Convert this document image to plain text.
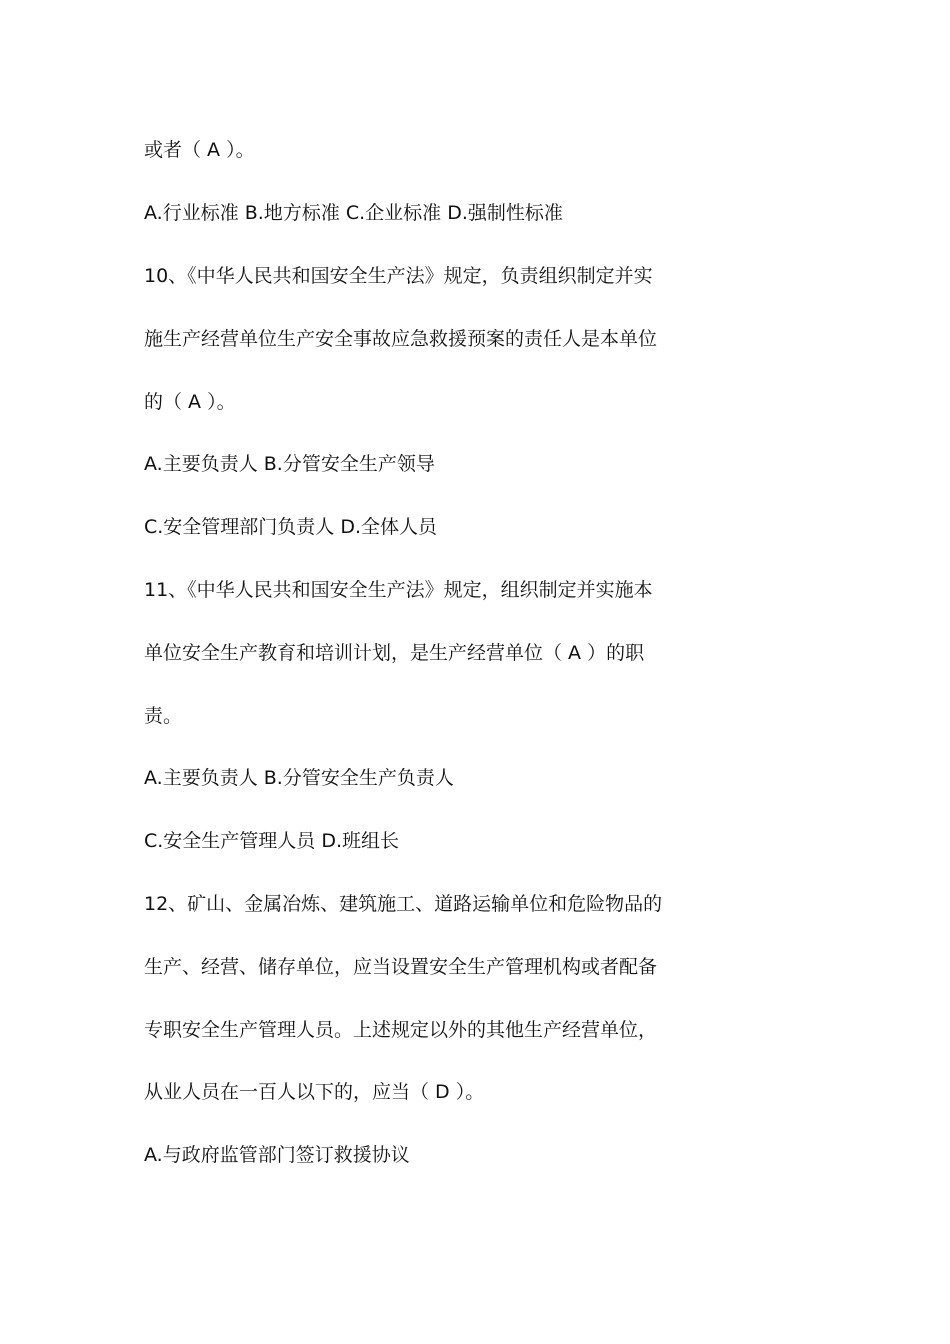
或者（ A ）。
A.行业标准 B.地方标准 C.企业标准 D.强制性标准
10、《中华人民共和国安全生产法》规定，负责组织制定并实
施生产经营单位生产安全事故应急救援预案的责任人是本单位
的（ A ）。
A.主要负责人 B.分管安全生产领导
C.安全管理部门负责人 D.全体人员
11、《中华人民共和国安全生产法》规定，组织制定并实施本
单位安全生产教育和培训计划，是生产经营单位（ A ）的职
责。
A.主要负责人 B.分管安全生产负责人
C.安全生产管理人员 D.班组长
12、矿山、金属冶炼、建筑施工、道路运输单位和危险物品的
生产、经营、储存单位，应当设置安全生产管理机构或者配备
专职安全生产管理人员。上述规定以外的其他生产经营单位，
从业人员在一百人以下的，应当（ D ）。
A.与政府监管部门签订救援协议
